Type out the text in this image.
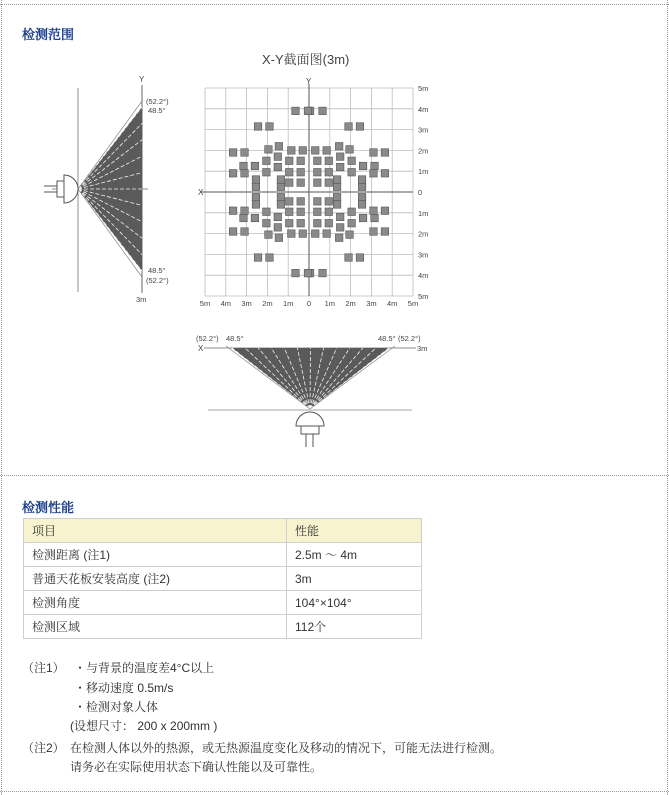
检测范围
Y
(52.2°)
48.5°
48.5°
(52.2°)
3m
X-Y截面图(3m)
Y
X
5m 4m 3m 2m 1m 0 1m 2m 3m 4m 5m
5m
4m
3m
2m
1m
0
1m
2m
3m
4m
5m
(52.2°) 48.5°	48.5° (52.2°)
X	3m
检测性能
项目	性能
检测距离 (注1)	2.5m ～ 4m
普通天花板安装高度 (注2)	3m
检测角度	104°×104°
检测区域	112个
（注1） ・与背景的温度差4°C以上
・移动速度 0.5m/s
・检测对象人体
(设想尺寸： 200 x 200mm )
（注2） 在检测人体以外的热源，或无热源温度变化及移动的情况下，可能无法进行检测。
请务必在实际使用状态下确认性能以及可靠性。
